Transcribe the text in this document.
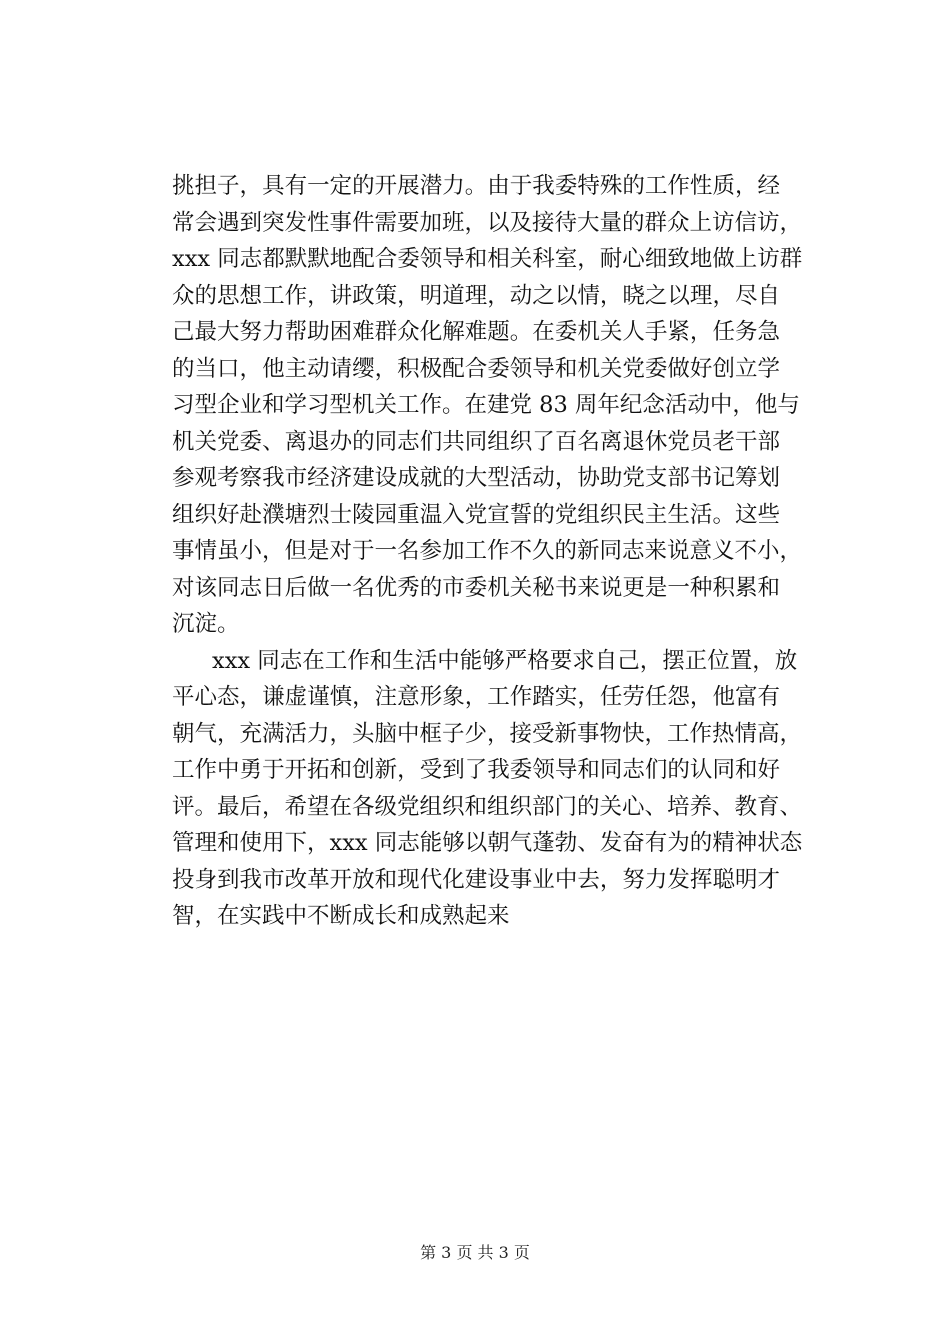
挑担子，具有一定的开展潜力。由于我委特殊的工作性质，经
常会遇到突发性事件需要加班，以及接待大量的群众上访信访，
xxx 同志都默默地配合委领导和相关科室，耐心细致地做上访群
众的思想工作，讲政策，明道理，动之以情，晓之以理，尽自
己最大努力帮助困难群众化解难题。在委机关人手紧，任务急
的当口，他主动请缨，积极配合委领导和机关党委做好创立学
习型企业和学习型机关工作。在建党 83 周年纪念活动中，他与
机关党委、离退办的同志们共同组织了百名离退休党员老干部
参观考察我市经济建设成就的大型活动，协助党支部书记筹划
组织好赴濮塘烈士陵园重温入党宣誓的党组织民主生活。这些
事情虽小，但是对于一名参加工作不久的新同志来说意义不小，
对该同志日后做一名优秀的市委机关秘书来说更是一种积累和
沉淀。
xxx 同志在工作和生活中能够严格要求自己，摆正位置，放
平心态，谦虚谨慎，注意形象，工作踏实，任劳任怨，他富有
朝气，充满活力，头脑中框子少，接受新事物快，工作热情高，
工作中勇于开拓和创新，受到了我委领导和同志们的认同和好
评。最后，希望在各级党组织和组织部门的关心、培养、教育、
管理和使用下，xxx 同志能够以朝气蓬勃、发奋有为的精神状态
投身到我市改革开放和现代化建设事业中去，努力发挥聪明才
智，在实践中不断成长和成熟起来
第 3 页 共 3 页
